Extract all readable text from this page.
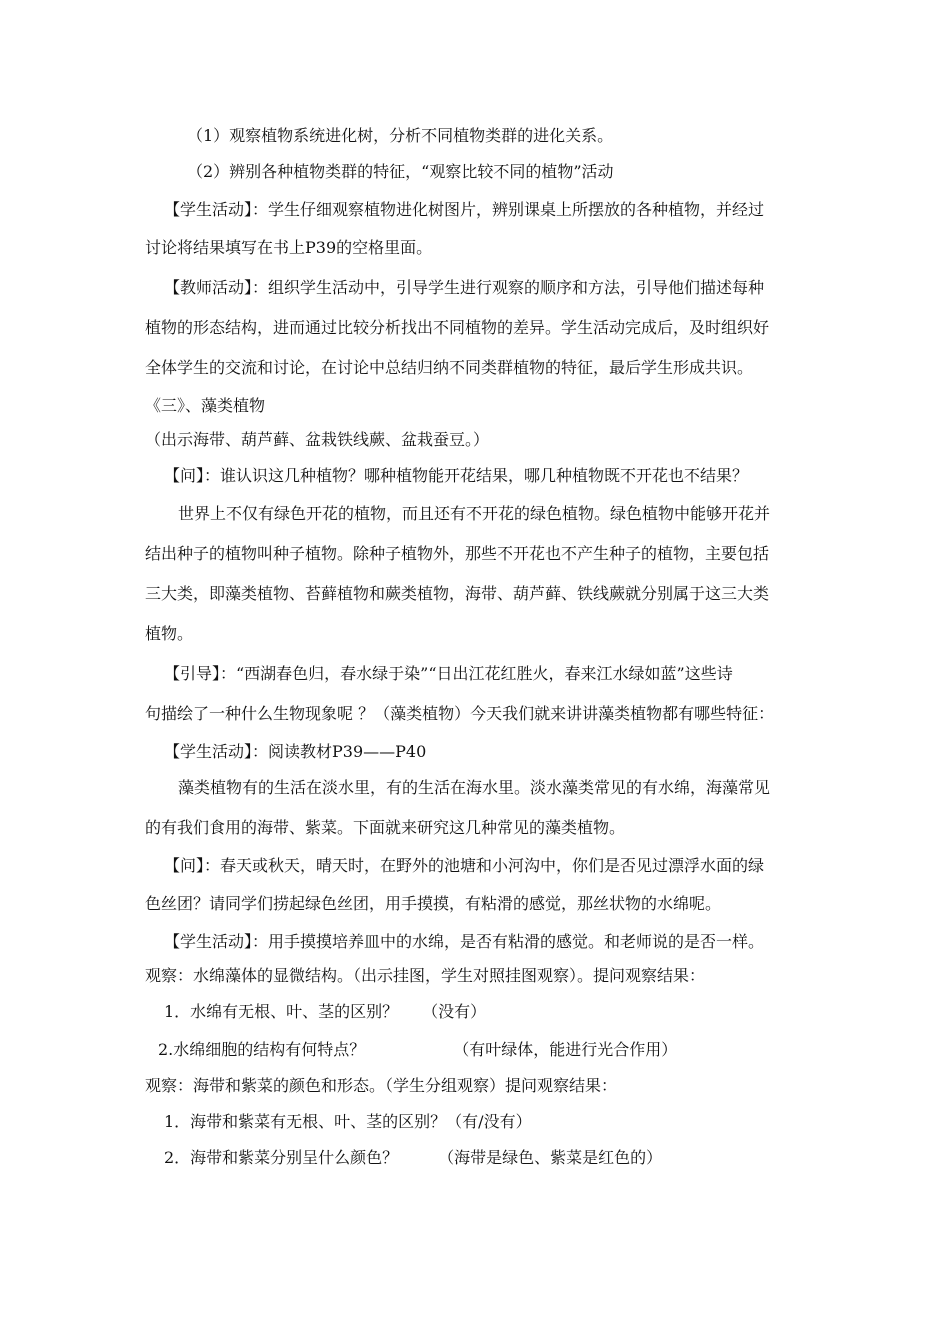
（1）观察植物系统进化树，分析不同植物类群的进化关系。
（2）辨别各种植物类群的特征，“观察比较不同的植物”活动
【学生活动】：学生仔细观察植物进化树图片，辨别课桌上所摆放的各种植物，并经过
讨论将结果填写在书上P39的空格里面。
【教师活动】：组织学生活动中，引导学生进行观察的顺序和方法，引导他们描述每种
植物的形态结构，进而通过比较分析找出不同植物的差异。学生活动完成后，及时组织好
全体学生的交流和讨论，在讨论中总结归纳不同类群植物的特征，最后学生形成共识。
《三》、藻类植物
（出示海带、葫芦藓、盆栽铁线蕨、盆栽蚕豆。）
【问】：谁认识这几种植物？哪种植物能开花结果，哪几种植物既不开花也不结果？
世界上不仅有绿色开花的植物，而且还有不开花的绿色植物。绿色植物中能够开花并
结出种子的植物叫种子植物。除种子植物外，那些不开花也不产生种子的植物，主要包括
三大类，即藻类植物、苔藓植物和蕨类植物，海带、葫芦藓、铁线蕨就分别属于这三大类
植物。
【引导】：“西湖春色归，春水绿于染”“日出江花红胜火，春来江水绿如蓝”这些诗
句描绘了一种什么生物现象呢 ？（藻类植物）今天我们就来讲讲藻类植物都有哪些特征：
【学生活动】：阅读教材P39——P40
藻类植物有的生活在淡水里，有的生活在海水里。淡水藻类常见的有水绵，海藻常见
的有我们食用的海带、紫菜。下面就来研究这几种常见的藻类植物。
【问】：春天或秋天，晴天时，在野外的池塘和小河沟中，你们是否见过漂浮水面的绿
色丝团？请同学们捞起绿色丝团，用手摸摸，有粘滑的感觉，那丝状物的水绵呢。
【学生活动】：用手摸摸培养皿中的水绵，是否有粘滑的感觉。和老师说的是否一样。
观察：水绵藻体的显微结构。（出示挂图，学生对照挂图观察）。提问观察结果：
1．水绵有无根、叶、茎的区别？　　（没有）
2.水绵细胞的结构有何特点？　　　　　　（有叶绿体，能进行光合作用）
观察：海带和紫菜的颜色和形态。（学生分组观察）提问观察结果：
1．海带和紫菜有无根、叶、茎的区别？（有/没有）
2．海带和紫菜分别呈什么颜色？　　　（海带是绿色、紫菜是红色的）
